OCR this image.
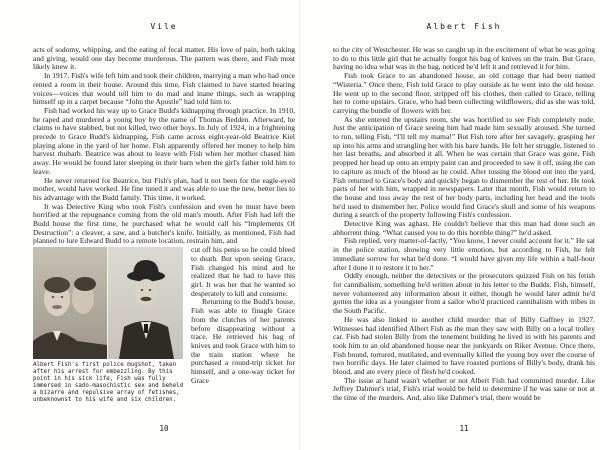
Vile

acts of sodomy, whipping, and the eating of fecal matter. His love of pain, both taking and giving, would one day become murderous. The pattern was there, and Fish most likely knew it.

In 1917, Fish's wife left him and took their children, marrying a man who had once rented a room in their house. Around this time, Fish claimed to have started hearing voices—voices that would tell him to do mad and inane things, such as wrapping himself up in a carpet because “John the Apostle” had told him to.

Fish had worked his way up to Grace Budd's kidnapping through practice. In 1910, he raped and murdered a young boy by the name of Thomas Bedden. Afterward, he claims to have stabbed, but not killed, two other boys. In July of 1924, in a frightening precede to Grace Budd's kidnapping, Fish came across eight-year-old Beatrice Kiel playing alone in the yard of her home. Fish apparently offered her money to help him harvest rhubarb. Beatrice was about to leave with Fish when her mother chased him away. He would be found later sleeping in their barn when the girl's father told him to leave.

He never returned for Beatrice, but Fish's plan, had it not been for the eagle-eyed mother, would have worked. He fine tuned it and was able to use the new, better lies to his advantage with the Budd family. This time, it worked.

It was Detective King who took Fish's confession and even he must have been horrified at the repugnance coming from the old man's mouth. After Fish had left the Budd house the first time, he purchased what he would call his “Implements Of Destruction”: a cleaver, a saw, and a butcher's knife. Initially, as mentioned, Fish had planned to lure Edward Budd to a remote location, restrain him, and

Albert Fish's first police mugshot, taken after his arrest for embezzling. By this point in his sick life, Fish was fully immersed in sado-masochistic sex and beheld a bizarre and repulsive array of fetishes, unbeknownst to his wife and six children.

cut off his penis so he could bleed to death. But upon seeing Grace, Fish changed his mind and he realized that he had to have this girl. It was her that he wanted so desperately to kill and consume.

Returning to the Budd's house, Fish was able to finagle Grace from the clutches of her parents before disappearing without a trace. He retrieved his bag of knives and took Grace with him to the train station where he purchased a round-trip ticket for himself, and a one-way ticket for Grace

10
Albert Fish

to the city of Westchester. He was so caught up in the excitement of what he was going to do to this little girl that he actually forgot his bag of knives on the train. But Grace, having no idea what was in the bag, noticed he'd left it and retrieved it for him.

Fish took Grace to an abandoned house, an old cottage that had been named “Wisteria.” Once there, Fish told Grace to play outside as he went into the old house. He went up to the second floor, stripped off his clothes, then called to Grace, telling her to come upstairs. Grace, who had been collecting wildflowers, did as she was told, carrying the bundle of flowers with her.

As she entered the upstairs room, she was horrified to see Fish completely nude. Just the anticipation of Grace seeing him had made him sexually aroused. She turned to run, telling Fish, “I'll tell my mama!” But Fish tore after her savagely, grasping her up into his arms and strangling her with his bare hands. He felt her struggle, listened to her last breaths, and absorbed it all. When he was certain that Grace was gone, Fish propped her head up onto an empty paint can and proceeded to saw it off, using the can to capture as much of the blood as he could. After tossing the blood out into the yard, Fish returned to Grace's body and quickly began to dismember the rest of her. He took parts of her with him, wrapped in newspapers. Later that month, Fish would return to the house and toss away the rest of her body parts, including her head and the tools he'd used to dismember her. Police would find Grace's skull and some of his weapons during a search of the property following Fish's confession.

Detective King was aghast. He couldn't believe that this man had done such an abhorrent thing. “What caused you to do this horrible thing?” he'd asked.

Fish replied, very matter-of-factly, “You know, I never could account for it.” He sat in the police station, showing very little emotion, but according to Fish, he felt immediate sorrow for what he'd done. “I would have given my life within a half-hour after I done it to restore it to her.”

Oddly enough, neither the detectives or the prosecutors quizzed Fish on his fetish for cannibalism, something he'd written about in his letter to the Budds. Fish, himself, never volunteered any information about it either, though he would later admit he'd gotten the idea as a youngster from a sailor who'd practiced cannibalism with tribes in the South Pacific.

He was also linked to another child murder: that of Billy Gaffney in 1927. Witnesses had identified Albert Fish as the man they saw with Billy on a local trolley car. Fish had stolen Billy from the tenement building he lived in with his parents and took him to an old abandoned house near the junkyards on Riker Avenue. Once there, Fish bound, tortured, mutilated, and eventually killed the young boy over the course of two horrific days. He later claimed to have roasted portions of Billy's body, drank his blood, and ate every piece of flesh he'd cooked.

The issue at hand wasn't whether or not Albert Fish had committed murder. Like Jeffrey Dahmer's trial, Fish's trial would be held to determine if he was sane or not at the time of the murders. And, also like Dahmer's trial, there would be

11
